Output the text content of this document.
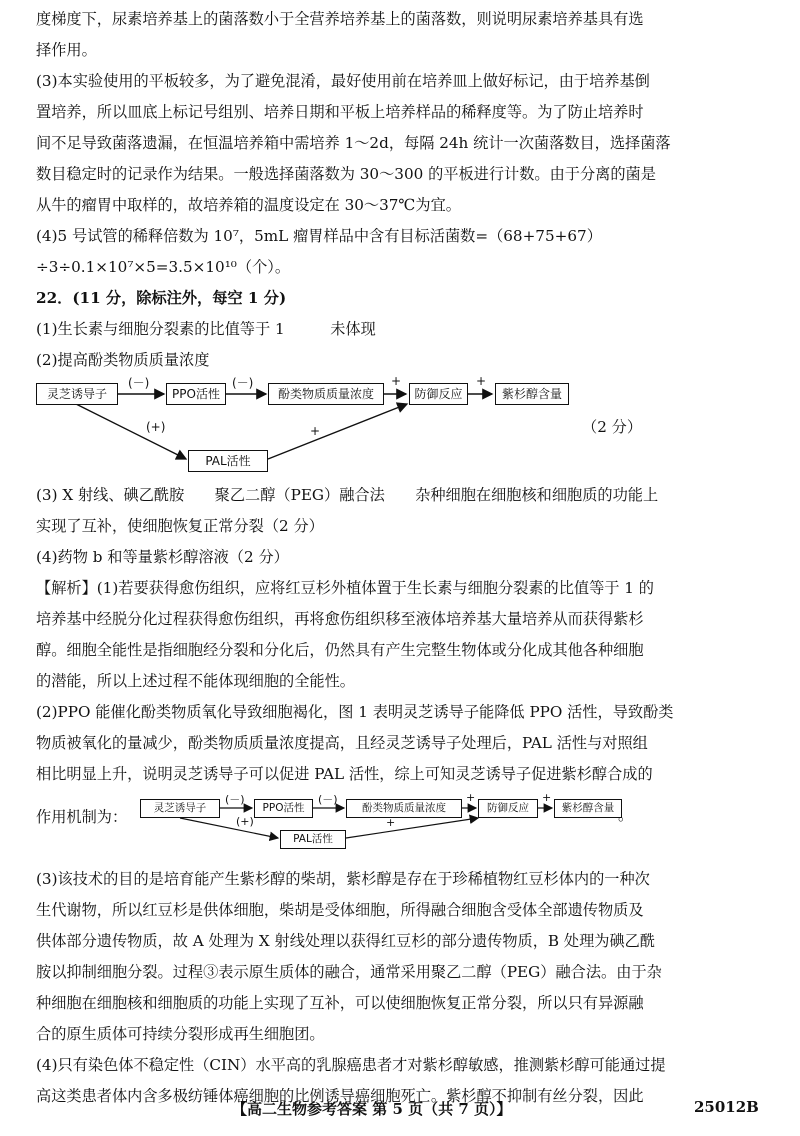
度梯度下，尿素培养基上的菌落数小于全营养培养基上的菌落数，则说明尿素培养基具有选
择作用。
(3)本实验使用的平板较多，为了避免混淆，最好使用前在培养皿上做好标记，由于培养基倒
置培养，所以皿底上标记号组别、培养日期和平板上培养样品的稀释度等。为了防止培养时
间不足导致菌落遗漏，在恒温培养箱中需培养 1～2d，每隔 24h 统计一次菌落数目，选择菌落
数目稳定时的记录作为结果。一般选择菌落数为 30～300 的平板进行计数。由于分离的菌是
从牛的瘤胃中取样的，故培养箱的温度设定在 30～37℃为宜。
(4)5 号试管的稀释倍数为 10⁷，5mL 瘤胃样品中含有目标活菌数=（68+75+67）
÷3÷0.1×10⁷×5=3.5×10¹⁰（个）。
22．(11 分，除标注外，每空 1 分)
(1)生长素与细胞分裂素的比值等于 1　　　未体现
(2)提高酚类物质质量浓度
(3) X 射线、碘乙酰胺　　聚乙二醇（PEG）融合法　　杂种细胞在细胞核和细胞质的功能上
实现了互补，使细胞恢复正常分裂（2 分）
(4)药物 b 和等量紫杉醇溶液（2 分）
【解析】(1)若要获得愈伤组织，应将红豆杉外植体置于生长素与细胞分裂素的比值等于 1 的
培养基中经脱分化过程获得愈伤组织，再将愈伤组织移至液体培养基大量培养从而获得紫杉
醇。细胞全能性是指细胞经分裂和分化后，仍然具有产生完整生物体或分化成其他各种细胞
的潜能，所以上述过程不能体现细胞的全能性。
(2)PPO 能催化酚类物质氧化导致细胞褐化，图 1 表明灵芝诱导子能降低 PPO 活性，导致酚类
物质被氧化的量减少，酚类物质质量浓度提高，且经灵芝诱导子处理后，PAL 活性与对照组
相比明显上升，说明灵芝诱导子可以促进 PAL 活性，综上可知灵芝诱导子促进紫杉醇合成的
作用机制为：
(3)该技术的目的是培育能产生紫杉醇的柴胡，紫杉醇是存在于珍稀植物红豆杉体内的一种次
生代谢物，所以红豆杉是供体细胞，柴胡是受体细胞，所得融合细胞含受体全部遗传物质及
供体部分遗传物质，故 A 处理为 X 射线处理以获得红豆杉的部分遗传物质，B 处理为碘乙酰
胺以抑制细胞分裂。过程③表示原生质体的融合，通常采用聚乙二醇（PEG）融合法。由于杂
种细胞在细胞核和细胞质的功能上实现了互补，可以使细胞恢复正常分裂，所以只有异源融
合的原生质体可持续分裂形成再生细胞团。
(4)只有染色体不稳定性（CIN）水平高的乳腺癌患者才对紫杉醇敏感，推测紫杉醇可能通过提
高这类患者体内含多极纺锤体癌细胞的比例诱导癌细胞死亡。紫杉醇不抑制有丝分裂，因此
灵芝诱导子	PPO活性	酚类物质质量浓度	防御反应	紫杉醇含量
PAL活性
(－)	(－)	+	+
(+)	+	（2 分）
灵芝诱导子	PPO活性	酚类物质质量浓度	防御反应	紫杉醇含量
PAL活性
(－)	(－)	+	+
(+)	+	。
【高二生物参考答案 第 5 页（共 7 页）】	25012B
